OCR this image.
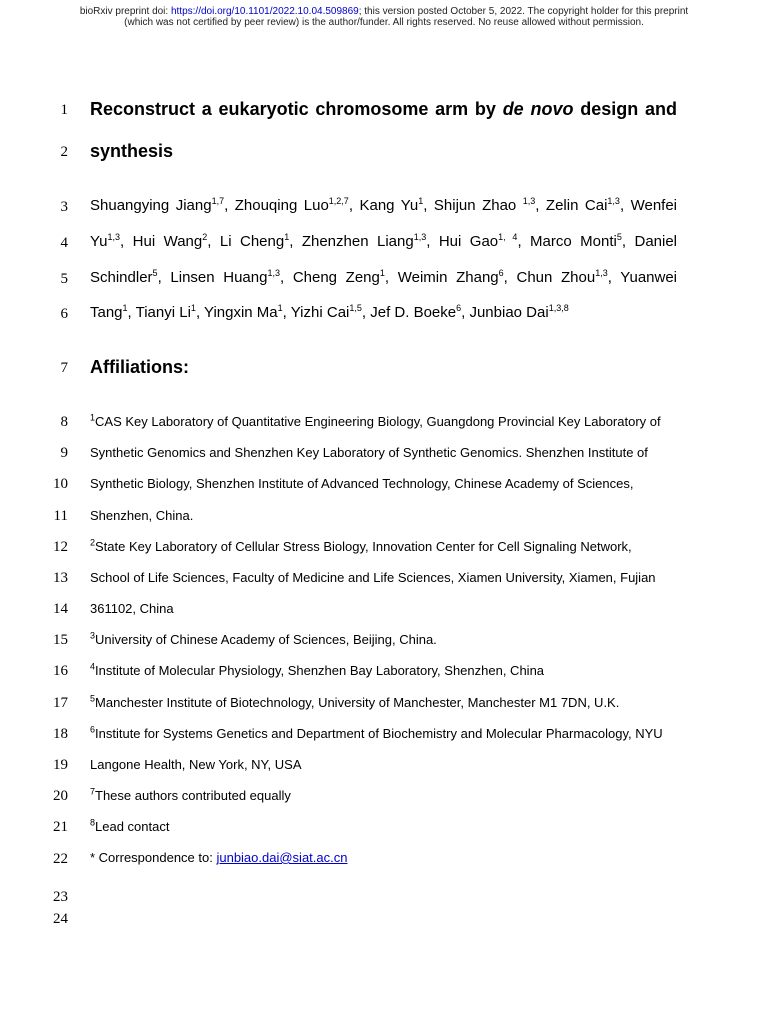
bioRxiv preprint doi: https://doi.org/10.1101/2022.10.04.509869; this version posted October 5, 2022. The copyright holder for this preprint
(which was not certified by peer review) is the author/funder. All rights reserved. No reuse allowed without permission.
1
2
3
4
5
6
7
8
9
10
11
12
13
14
15
16
17
18
19
20
21
22
23
24
Reconstruct a eukaryotic chromosome arm by de novo design and
synthesis
Shuangying Jiang$^{1,7}$, Zhouqing Luo$^{1,2,7}$, Kang Yu$^1$, Shijun Zhao $^{1,3}$, Zelin Cai$^{1,3}$, Wenfei
Yu$^{1,3}$, Hui Wang$^2$, Li Cheng$^1$, Zhenzhen Liang$^{1,3}$, Hui Gao$^{1, 4}$, Marco Monti$^5$, Daniel
Schindler$^5$, Linsen Huang$^{1,3}$, Cheng Zeng$^1$, Weimin Zhang$^6$, Chun Zhou$^{1,3}$, Yuanwei
Tang$^1$, Tianyi Li$^1$, Yingxin Ma$^1$, Yizhi Cai$^{1,5}$, Jef D. Boeke$^6$, Junbiao Dai$^{1,3,8}$
Affiliations:
$^1$CAS Key Laboratory of Quantitative Engineering Biology, Guangdong Provincial Key Laboratory of
Synthetic Genomics and Shenzhen Key Laboratory of Synthetic Genomics. Shenzhen Institute of
Synthetic Biology, Shenzhen Institute of Advanced Technology, Chinese Academy of Sciences,
Shenzhen, China.
$^2$State Key Laboratory of Cellular Stress Biology, Innovation Center for Cell Signaling Network,
School of Life Sciences, Faculty of Medicine and Life Sciences, Xiamen University, Xiamen, Fujian
361102, China
$^3$University of Chinese Academy of Sciences, Beijing, China.
$^4$Institute of Molecular Physiology, Shenzhen Bay Laboratory, Shenzhen, China
$^5$Manchester Institute of Biotechnology, University of Manchester, Manchester M1 7DN, U.K.
$^6$Institute for Systems Genetics and Department of Biochemistry and Molecular Pharmacology, NYU
Langone Health, New York, NY, USA
$^7$These authors contributed equally
$^8$Lead contact
* Correspondence to: junbiao.dai@siat.ac.cn
